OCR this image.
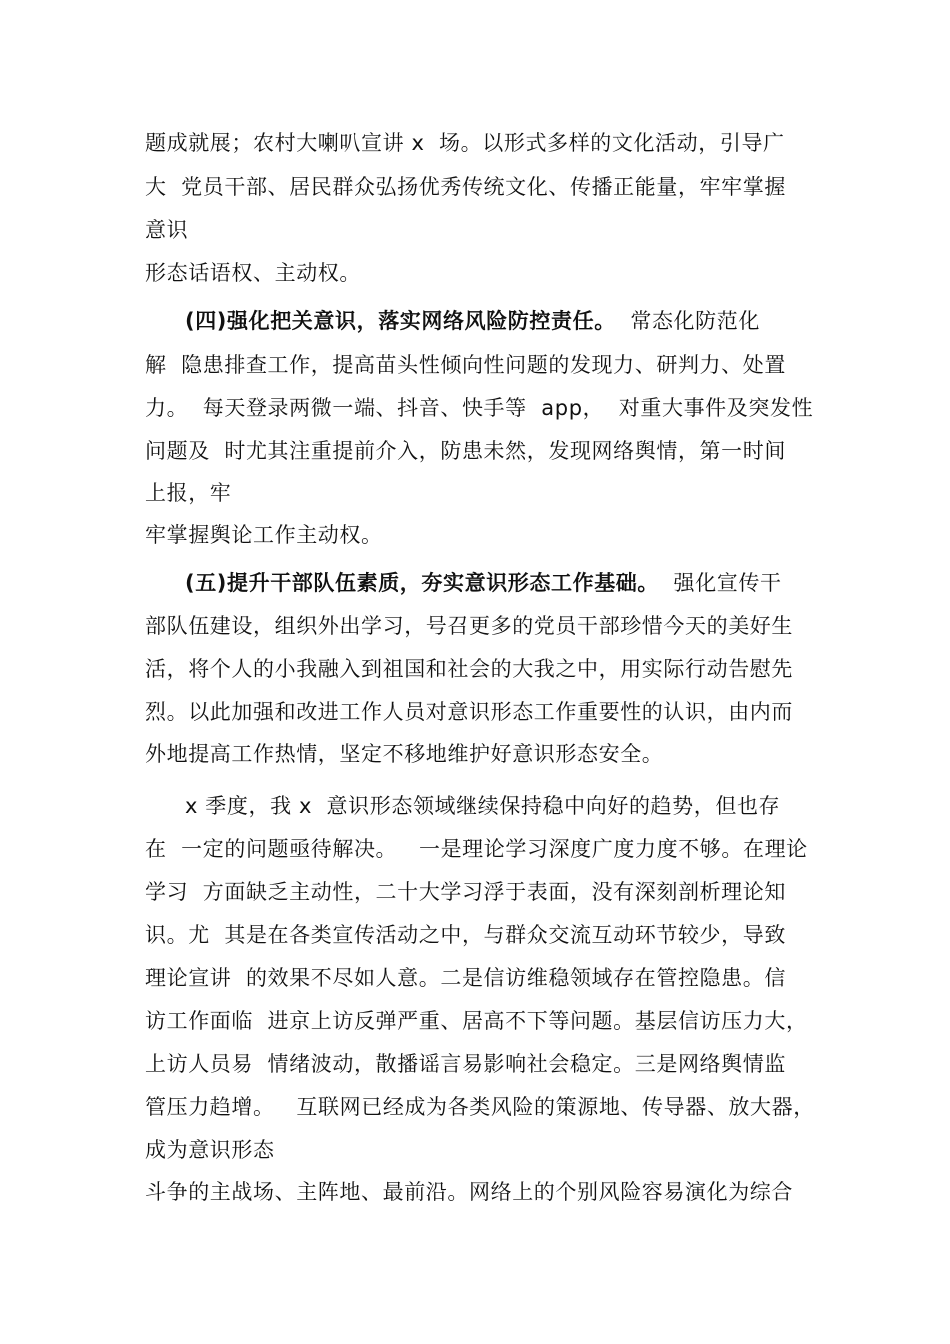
题成就展；农村大喇叭宣讲 x  场。以形式多样的文化活动，引导广
大  党员干部、居民群众弘扬优秀传统文化、传播正能量，牢牢掌握
意识
形态话语权、主动权。
(四)强化把关意识，落实网络风险防控责任。  常态化防范化
解  隐患排查工作，提高苗头性倾向性问题的发现力、研判力、处置
力。  每天登录两微一端、抖音、快手等  app，  对重大事件及突发性
问题及  时尤其注重提前介入，防患未然，发现网络舆情，第一时间
上报，牢
牢掌握舆论工作主动权。
(五)提升干部队伍素质，夯实意识形态工作基础。  强化宣传干
部队伍建设，组织外出学习，号召更多的党员干部珍惜今天的美好生
活，将个人的小我融入到祖国和社会的大我之中，用实际行动告慰先
烈。以此加强和改进工作人员对意识形态工作重要性的认识，由内而
外地提高工作热情，坚定不移地维护好意识形态安全。
x 季度，我 x  意识形态领域继续保持稳中向好的趋势，但也存
在  一定的问题亟待解决。   一是理论学习深度广度力度不够。在理论
学习  方面缺乏主动性，二十大学习浮于表面，没有深刻剖析理论知
识。尤  其是在各类宣传活动之中，与群众交流互动环节较少，导致
理论宣讲  的效果不尽如人意。二是信访维稳领域存在管控隐患。信
访工作面临  进京上访反弹严重、居高不下等问题。基层信访压力大，
上访人员易  情绪波动，散播谣言易影响社会稳定。三是网络舆情监
管压力趋增。   互联网已经成为各类风险的策源地、传导器、放大器，
成为意识形态
斗争的主战场、主阵地、最前沿。网络上的个别风险容易演化为综合
